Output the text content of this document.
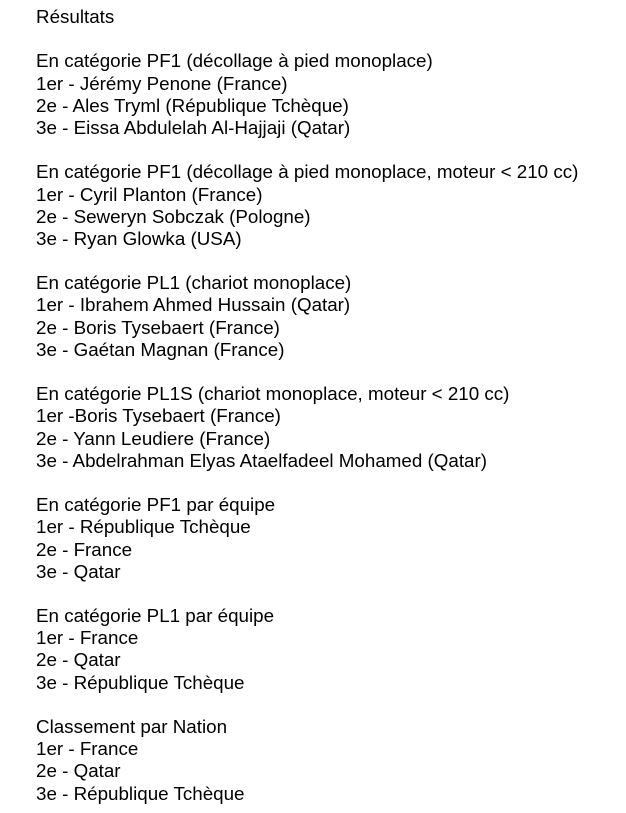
Résultats

En catégorie PF1 (décollage à pied monoplace)

1er - Jérémy Penone (France)

2e - Ales Tryml (République Tchèque)

3e - Eissa Abdulelah Al-Hajjaji (Qatar)

En catégorie PF1 (décollage à pied monoplace, moteur < 210 cc)

1er - Cyril Planton (France)

2e - Seweryn Sobczak (Pologne)

3e - Ryan Glowka (USA)

En catégorie PL1 (chariot monoplace)

1er - Ibrahem Ahmed Hussain (Qatar)

2e - Boris Tysebaert (France)

3e - Gaétan Magnan (France)

En catégorie PL1S (chariot monoplace, moteur < 210 cc)

1er -Boris Tysebaert (France)

2e - Yann Leudiere (France)

3e - Abdelrahman Elyas Ataelfadeel Mohamed (Qatar)

En catégorie PF1 par équipe

1er - République Tchèque

2e - France

3e - Qatar

En catégorie PL1 par équipe

1er - France

2e - Qatar

3e - République Tchèque

Classement par Nation

1er - France

2e - Qatar

3e - République Tchèque
